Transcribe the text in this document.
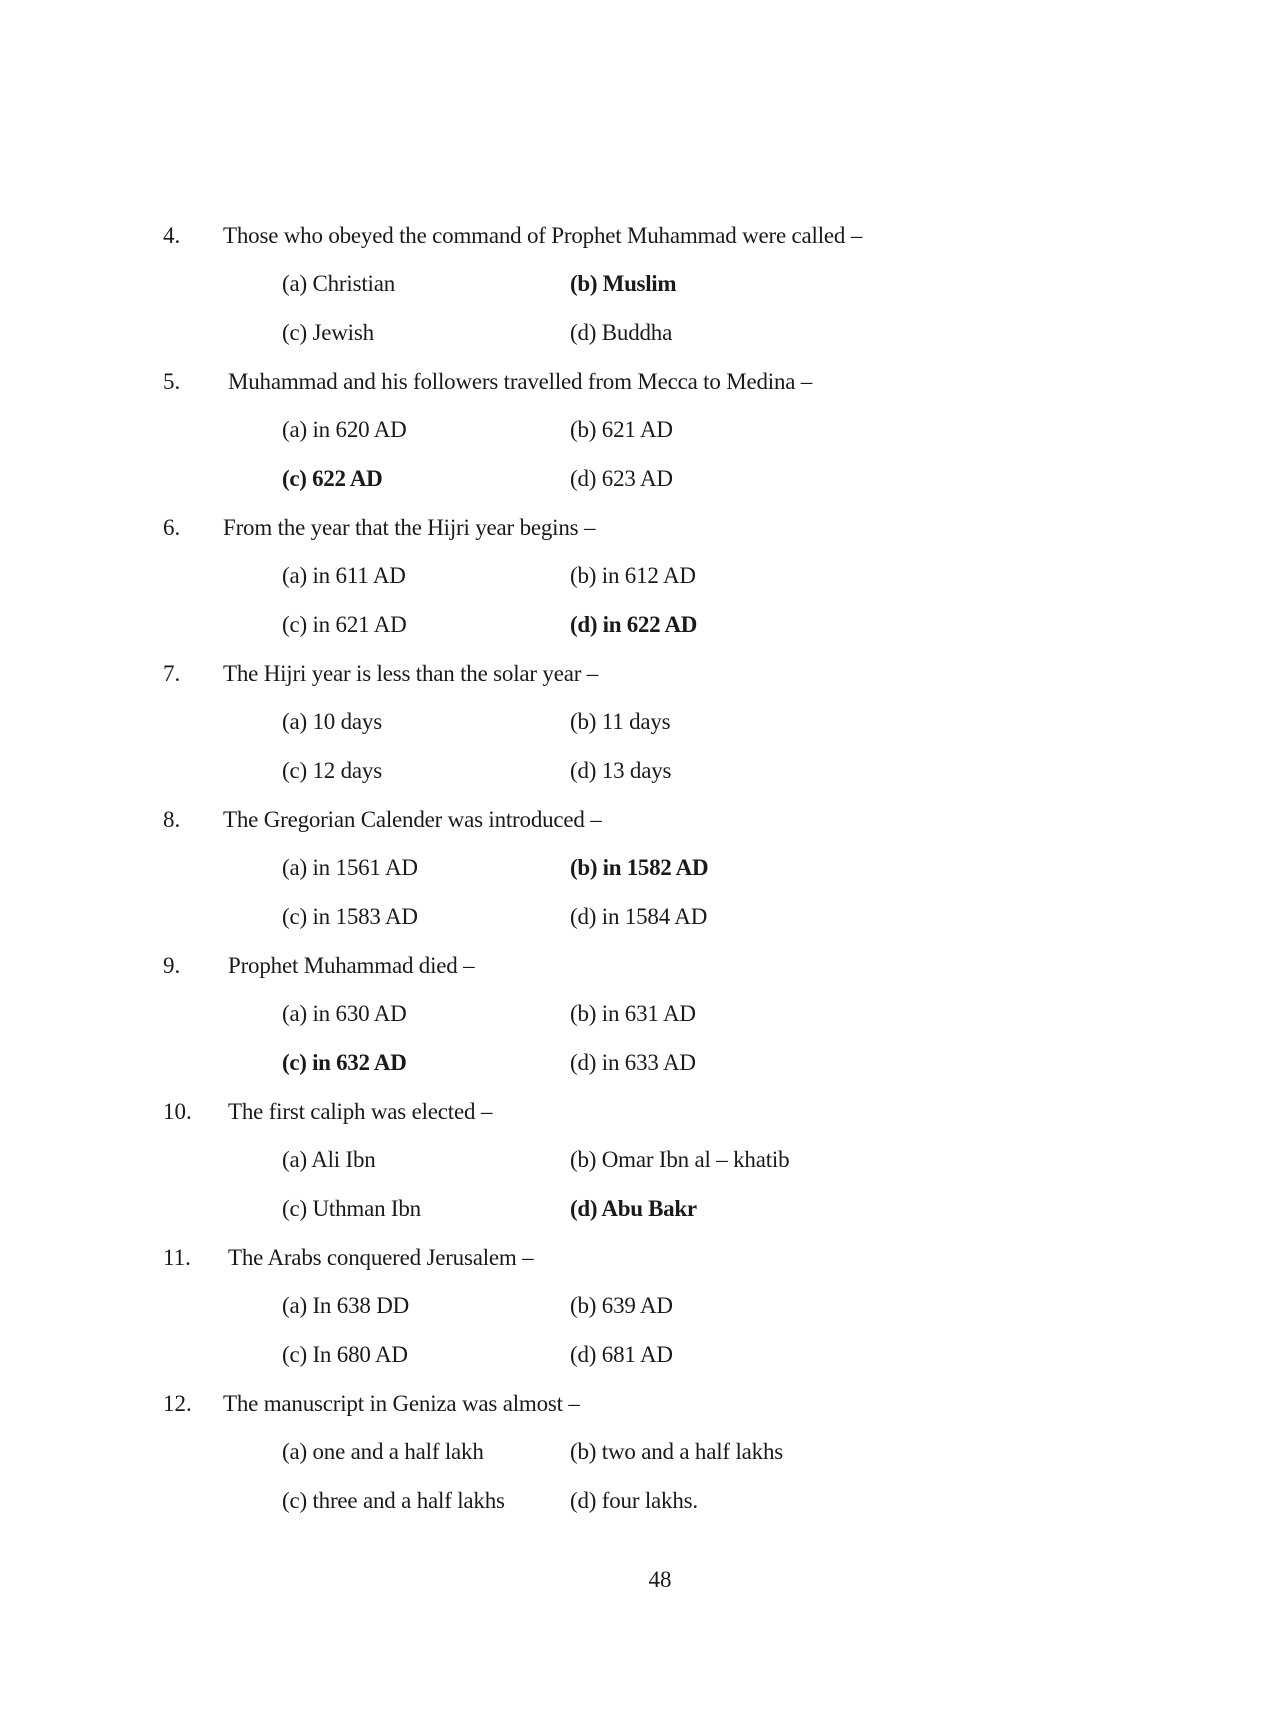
4. Those who obeyed the command of Prophet Muhammad were called –
(a) Christian	(b) Muslim
(c) Jewish	(d) Buddha
5. Muhammad and his followers travelled from Mecca to Medina –
(a) in 620 AD	(b) 621 AD
(c) 622 AD	(d) 623 AD
6. From the year that the Hijri year begins –
(a) in 611 AD	(b) in 612 AD
(c) in 621 AD	(d) in 622 AD
7. The Hijri year is less than the solar year –
(a) 10 days	(b) 11 days
(c) 12 days	(d) 13 days
8. The Gregorian Calender was introduced –
(a) in 1561 AD	(b) in 1582 AD
(c) in 1583 AD	(d) in 1584 AD
9. Prophet Muhammad died –
(a) in 630 AD	(b) in 631 AD
(c) in 632 AD	(d) in 633 AD
10. The first caliph was elected –
(a) Ali Ibn	(b) Omar Ibn al – khatib
(c) Uthman Ibn	(d) Abu Bakr
11. The Arabs conquered Jerusalem –
(a) In 638 DD	(b) 639 AD
(c) In 680 AD	(d) 681 AD
12. The manuscript in Geniza was almost –
(a) one and a half lakh	(b) two and a half lakhs
(c) three and a half lakhs	(d) four lakhs.
48
